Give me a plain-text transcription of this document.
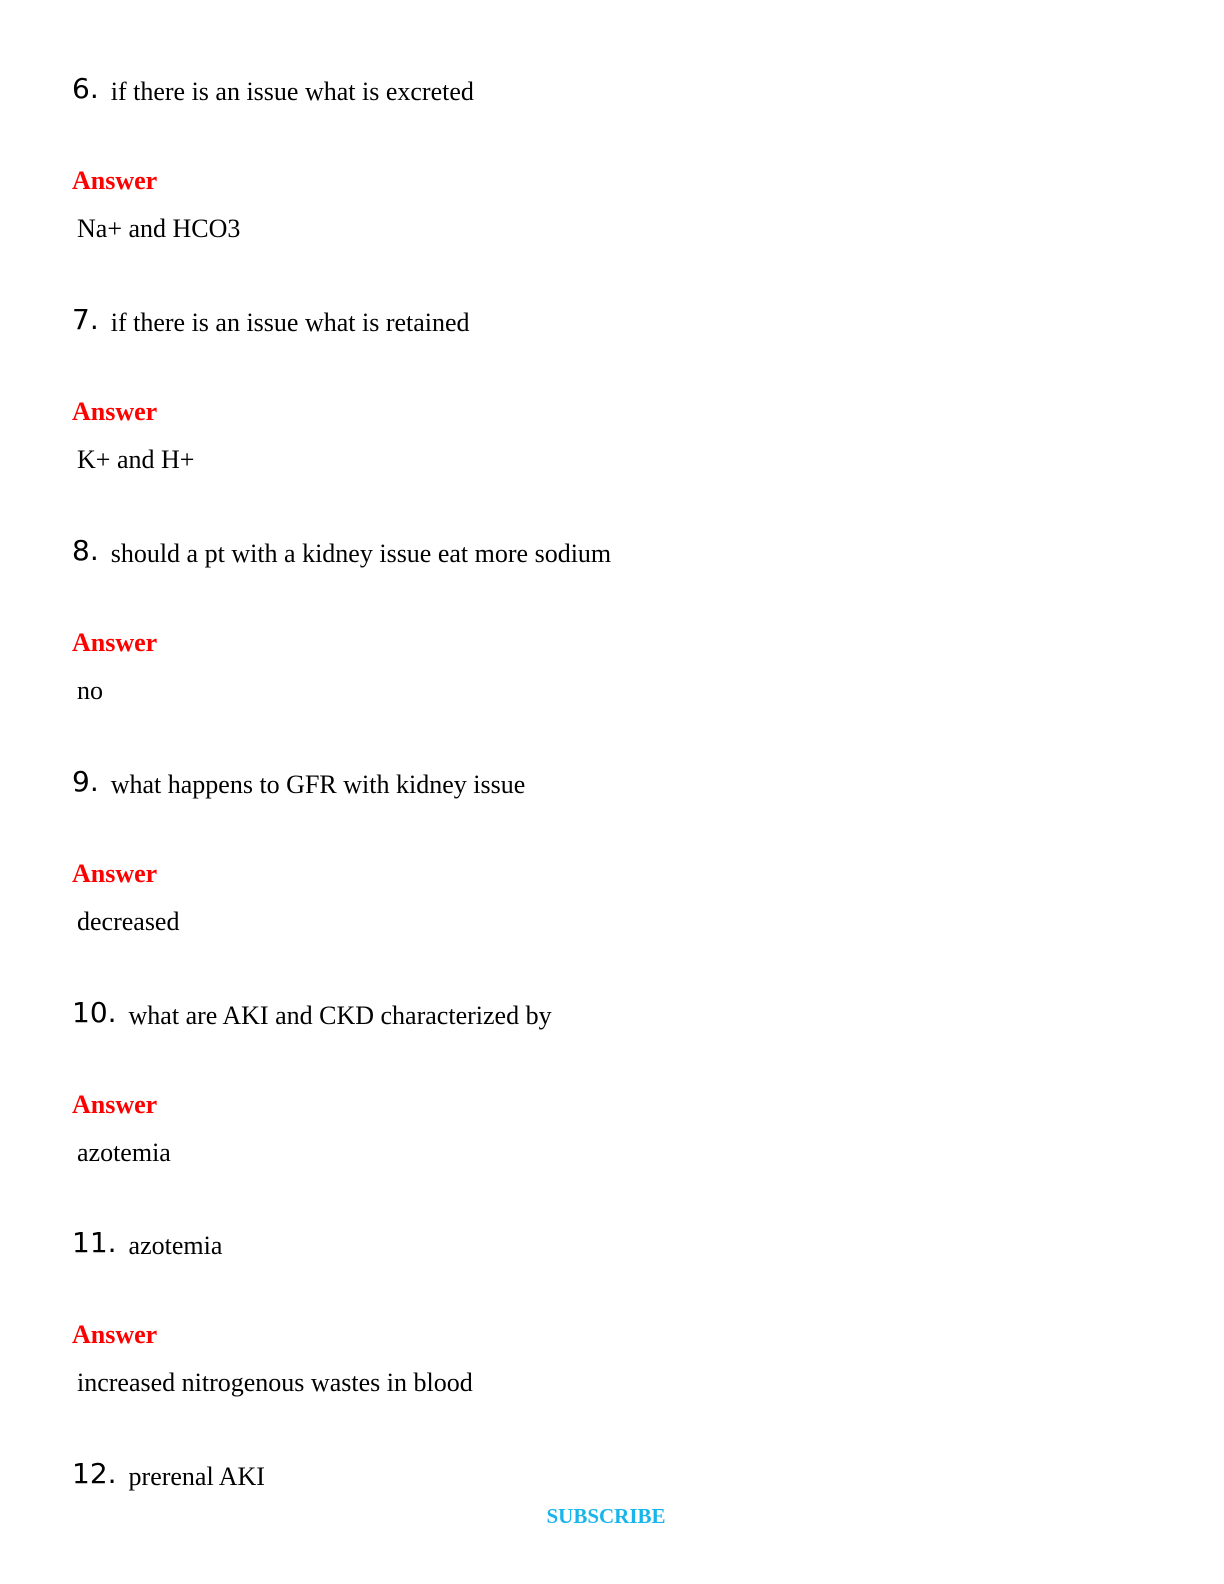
6. if there is an issue what is excreted
Answer
Na+ and HCO3
7. if there is an issue what is retained
Answer
K+ and H+
8. should a pt with a kidney issue eat more sodium
Answer
no
9. what happens to GFR with kidney issue
Answer
decreased
10. what are AKI and CKD characterized by
Answer
azotemia
11. azotemia
Answer
increased nitrogenous wastes in blood
12. prerenal AKI
SUBSCRIBE
